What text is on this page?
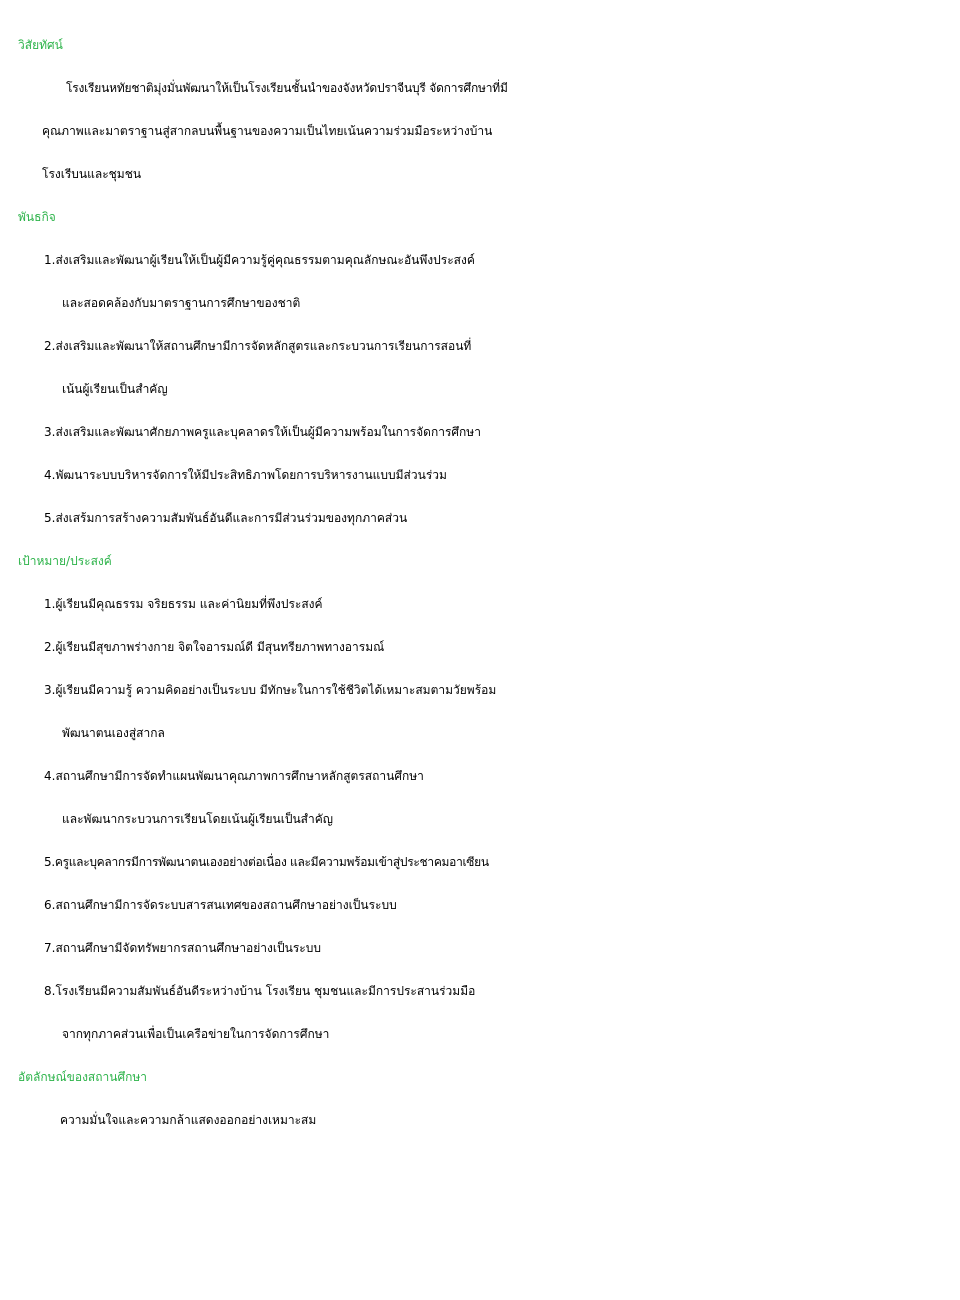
วิสัยทัศน์
โรงเรียนหทัยชาติมุ่งมั่นพัฒนาให้เป็นโรงเรียนชั้นนำของจังหวัดปราจีนบุรี จัดการศึกษาที่มี
คุณภาพและมาตราฐานสู่สากลบนพื้นฐานของความเป็นไทยเน้นความร่วมมือระหว่างบ้าน
โรงเรีบนและชุมชน
พันธกิจ
1.ส่งเสริมและพัฒนาผู้เรียนให้เป็นผู้มีความรู้คู่คุณธรรมตามคุณลักษณะอันพึงประสงค์
และสอดคล้องกับมาตราฐานการศึกษาของชาติ
2.ส่งเสริมและพัฒนาให้สถานศึกษามีการจัดหลักสูตรและกระบวนการเรียนการสอนที่
เน้นผู้เรียนเป็นสำคัญ
3.ส่งเสริมและพัฒนาศักยภาพครูและบุคลาดรให้เป็นผู้มีความพร้อมในการจัดการศึกษา
4.พัฒนาระบบบริหารจัดการให้มีประสิทธิภาพโดยการบริหารงานแบบมีส่วนร่วม
5.ส่งเสร้มการสร้างความสัมพันธ์อันดีและการมีส่วนร่วมของทุกภาคส่วน
เป้าหมาย/ประสงค์
1.ผู้เรียนมีคุณธรรม จริยธรรม และค่านิยมที่พึงประสงค์
2.ผู้เรียนมีสุขภาพร่างกาย จิตใจอารมณ์ดี มีสุนทรียภาพทางอารมณ์
3.ผู้เรียนมีความรู้ ความคิดอย่างเป็นระบบ มีทักษะในการใช้ชีวิตได้เหมาะสมตามวัยพร้อม
พัฒนาตนเองสู่สากล
4.สถานศึกษามีการจัดทำแผนพัฒนาคุณภาพการศึกษาหลักสูตรสถานศึกษา
และพัฒนากระบวนการเรียนโดยเน้นผู้เรียนเป็นสำคัญ
5.ครูและบุคลากรมีการพัฒนาตนเองอย่างต่อเนื่อง และมีความพร้อมเข้าสู่ประชาคมอาเซียน
6.สถานศึกษามีการจัดระบบสารสนเทศของสถานศึกษาอย่างเป็นระบบ
7.สถานศึกษามีจัดทรัพยากรสถานศึกษาอย่างเป็นระบบ
8.โรงเรียนมีความสัมพันธ์อันดีระหว่างบ้าน โรงเรียน ชุมชนและมีการประสานร่วมมือ
จากทุกภาคส่วนเพื่อเป็นเครือข่ายในการจัดการศึกษา
อัตลักษณ์ของสถานศึกษา
ความมั่นใจและความกล้าแสดงออกอย่างเหมาะสม
